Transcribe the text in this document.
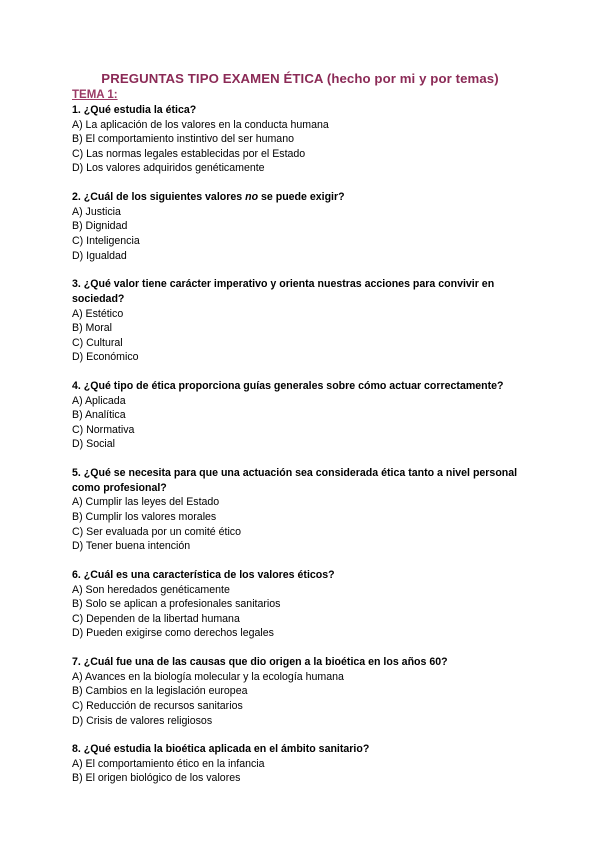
PREGUNTAS TIPO EXAMEN ÉTICA (hecho por mi y por temas)
TEMA 1:

1. ¿Qué estudia la ética?

A) La aplicación de los valores en la conducta humana

B) El comportamiento instintivo del ser humano

C) Las normas legales establecidas por el Estado

D) Los valores adquiridos genéticamente

2. ¿Cuál de los siguientes valores no se puede exigir?

A) Justicia

B) Dignidad

C) Inteligencia

D) Igualdad

3. ¿Qué valor tiene carácter imperativo y orienta nuestras acciones para convivir en sociedad?

A) Estético

B) Moral

C) Cultural

D) Económico

4. ¿Qué tipo de ética proporciona guías generales sobre cómo actuar correctamente?

A) Aplicada

B) Analítica

C) Normativa

D) Social

5. ¿Qué se necesita para que una actuación sea considerada ética tanto a nivel personal como profesional?

A) Cumplir las leyes del Estado

B) Cumplir los valores morales

C) Ser evaluada por un comité ético

D) Tener buena intención

6. ¿Cuál es una característica de los valores éticos?

A) Son heredados genéticamente

B) Solo se aplican a profesionales sanitarios

C) Dependen de la libertad humana

D) Pueden exigirse como derechos legales

7. ¿Cuál fue una de las causas que dio origen a la bioética en los años 60?

A) Avances en la biología molecular y la ecología humana

B) Cambios en la legislación europea

C) Reducción de recursos sanitarios

D) Crisis de valores religiosos

8. ¿Qué estudia la bioética aplicada en el ámbito sanitario?

A) El comportamiento ético en la infancia

B) El origen biológico de los valores
